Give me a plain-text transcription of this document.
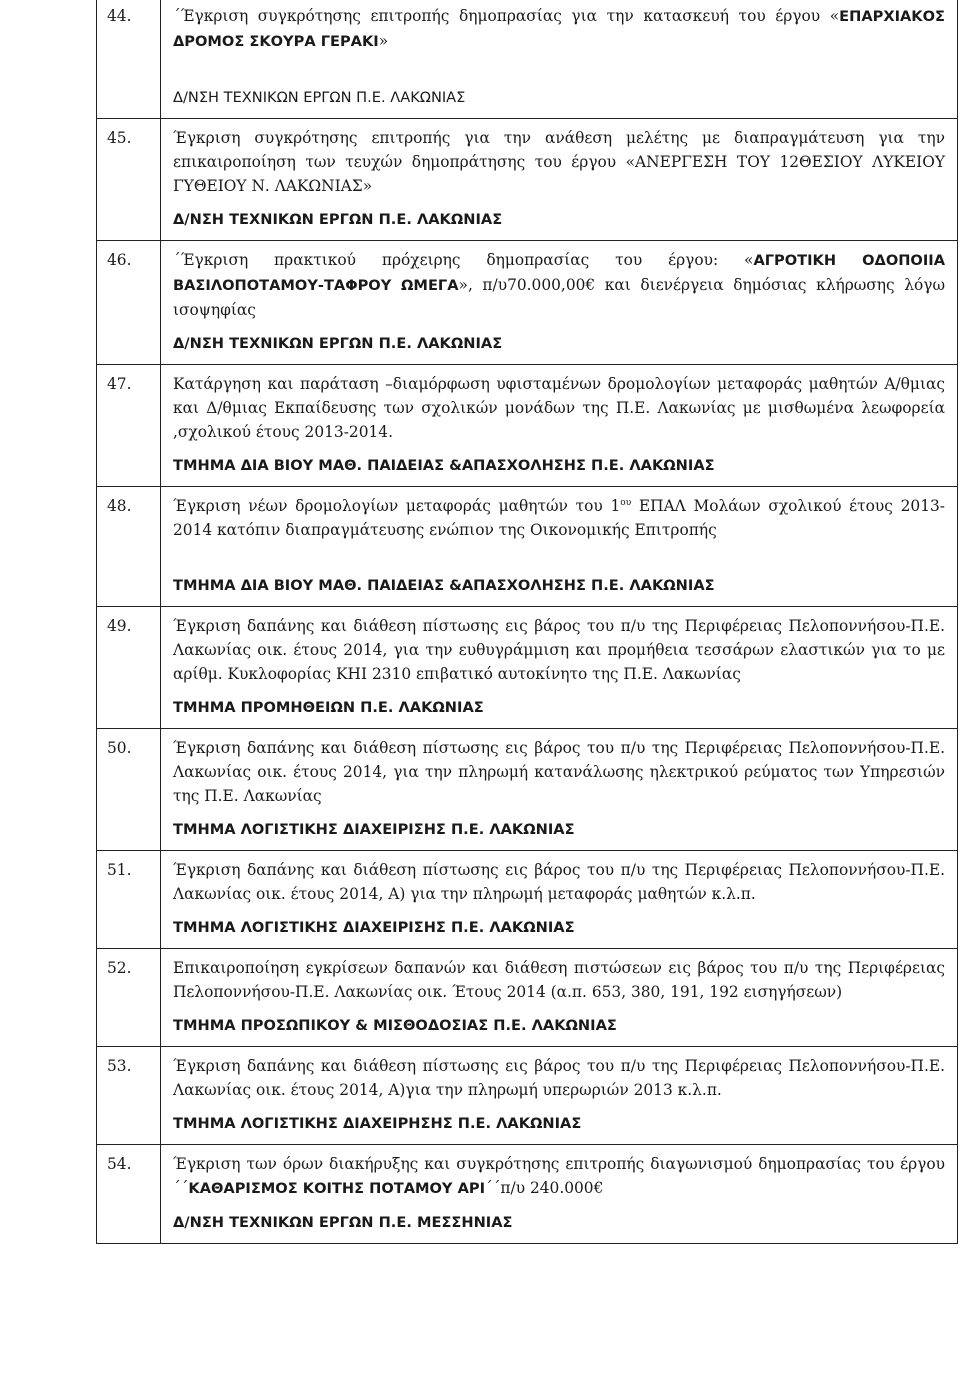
44.	΄Έγκριση συγκρότησης επιτροπής δημοπρασίας για την κατασκευή του έργου «ΕΠΑΡΧΙΑΚΟΣ ΔΡΟΜΟΣ ΣΚΟΥΡΑ ΓΕΡΑΚΙ»
Δ/ΝΣΗ ΤΕΧΝΙΚΩΝ ΕΡΓΩΝ Π.Ε. ΛΑΚΩΝΙΑΣ

45.	Έγκριση συγκρότησης επιτροπής για την ανάθεση μελέτης με διαπραγμάτευση για την επικαιροποίηση των τευχών δημοπράτησης του έργου «ΑΝΕΡΓΕΣΗ ΤΟΥ 12ΘΕΣΙΟΥ ΛΥΚΕΙΟΥ ΓΥΘΕΙΟΥ Ν. ΛΑΚΩΝΙΑΣ»
Δ/ΝΣΗ ΤΕΧΝΙΚΩΝ ΕΡΓΩΝ Π.Ε. ΛΑΚΩΝΙΑΣ

46.	΄Έγκριση πρακτικού πρόχειρης δημοπρασίας του έργου: «ΑΓΡΟΤΙΚΗ ΟΔΟΠΟΙΙΑ ΒΑΣΙΛΟΠΟΤΑΜΟΥ-ΤΑΦΡΟΥ ΩΜΕΓΑ», π/υ70.000,00€ και διενέργεια δημόσιας κλήρωσης λόγω ισοψηφίας
Δ/ΝΣΗ ΤΕΧΝΙΚΩΝ ΕΡΓΩΝ Π.Ε. ΛΑΚΩΝΙΑΣ

47.	Κατάργηση και παράταση –διαμόρφωση υφισταμένων δρομολογίων μεταφοράς μαθητών Α/θμιας και Δ/θμιας Εκπαίδευσης των σχολικών μονάδων της Π.Ε. Λακωνίας με μισθωμένα λεωφορεία ,σχολικού έτους 2013-2014.
ΤΜΗΜΑ ΔΙΑ ΒΙΟΥ ΜΑΘ. ΠΑΙΔΕΙΑΣ &ΑΠΑΣΧΟΛΗΣΗΣ Π.Ε. ΛΑΚΩΝΙΑΣ

48.	Έγκριση νέων δρομολογίων μεταφοράς μαθητών του $1^{o\upsilon}$ ΕΠΑΛ Μολάων σχολικού έτους 2013-2014 κατόπιν διαπραγμάτευσης ενώπιον της Οικονομικής Επιτροπής
ΤΜΗΜΑ ΔΙΑ ΒΙΟΥ ΜΑΘ. ΠΑΙΔΕΙΑΣ &ΑΠΑΣΧΟΛΗΣΗΣ Π.Ε. ΛΑΚΩΝΙΑΣ

49.	Έγκριση δαπάνης και διάθεση πίστωσης εις βάρος του π/υ της Περιφέρειας Πελοποννήσου-Π.Ε. Λακωνίας οικ. έτους 2014, για την ευθυγράμμιση και προμήθεια τεσσάρων ελαστικών για το με αρίθμ. Κυκλοφορίας ΚΗΙ 2310 επιβατικό αυτοκίνητο της Π.Ε. Λακωνίας
ΤΜΗΜΑ ΠΡΟΜΗΘΕΙΩΝ Π.Ε. ΛΑΚΩΝΙΑΣ

50.	Έγκριση δαπάνης και διάθεση πίστωσης εις βάρος του π/υ της Περιφέρειας Πελοποννήσου-Π.Ε. Λακωνίας οικ. έτους 2014, για την πληρωμή κατανάλωσης ηλεκτρικού ρεύματος των Υπηρεσιών της Π.Ε. Λακωνίας
ΤΜΗΜΑ ΛΟΓΙΣΤΙΚΗΣ ΔΙΑΧΕΙΡΙΣΗΣ Π.Ε. ΛΑΚΩΝΙΑΣ

51.	Έγκριση δαπάνης και διάθεση πίστωσης εις βάρος του π/υ της Περιφέρειας Πελοποννήσου-Π.Ε. Λακωνίας οικ. έτους 2014, Α) για την πληρωμή μεταφοράς μαθητών κ.λ.π.
ΤΜΗΜΑ ΛΟΓΙΣΤΙΚΗΣ ΔΙΑΧΕΙΡΙΣΗΣ Π.Ε. ΛΑΚΩΝΙΑΣ

52.	Επικαιροποίηση εγκρίσεων δαπανών και διάθεση πιστώσεων εις βάρος του π/υ της Περιφέρειας Πελοποννήσου-Π.Ε. Λακωνίας οικ. Έτους 2014 (α.π. 653, 380, 191, 192 ειση‍γήσεων)
ΤΜΗΜΑ ΠΡΟΣΩΠΙΚΟΥ & ΜΙΣΘΟΔΟΣΙΑΣ Π.Ε. ΛΑΚΩΝΙΑΣ

53.	Έγκριση δαπάνης και διάθεση πίστωσης εις βάρος του π/υ της Περιφέρειας Πελοποννήσου-Π.Ε. Λακωνίας οικ. έτους 2014, Α)για την πληρωμή υπερωριών 2013 κ.λ.π.
ΤΜΗΜΑ ΛΟΓΙΣΤΙΚΗΣ ΔΙΑΧΕΙΡΗΣΗΣ Π.Ε. ΛΑΚΩΝΙΑΣ

54.	Έγκριση των όρων διακήρυξης και συγκρότησης επιτροπής διαγωνισμού δημοπρασίας του έργου ΄΄ΚΑΘΑΡΙΣΜΟΣ ΚΟΙΤΗΣ ΠΟΤΑΜΟΥ ΑΡΙ΄΄π/υ 240.000€
Δ/ΝΣΗ ΤΕΧΝΙΚΩΝ ΕΡΓΩΝ Π.Ε. ΜΕΣΣΗΝΙΑΣ
